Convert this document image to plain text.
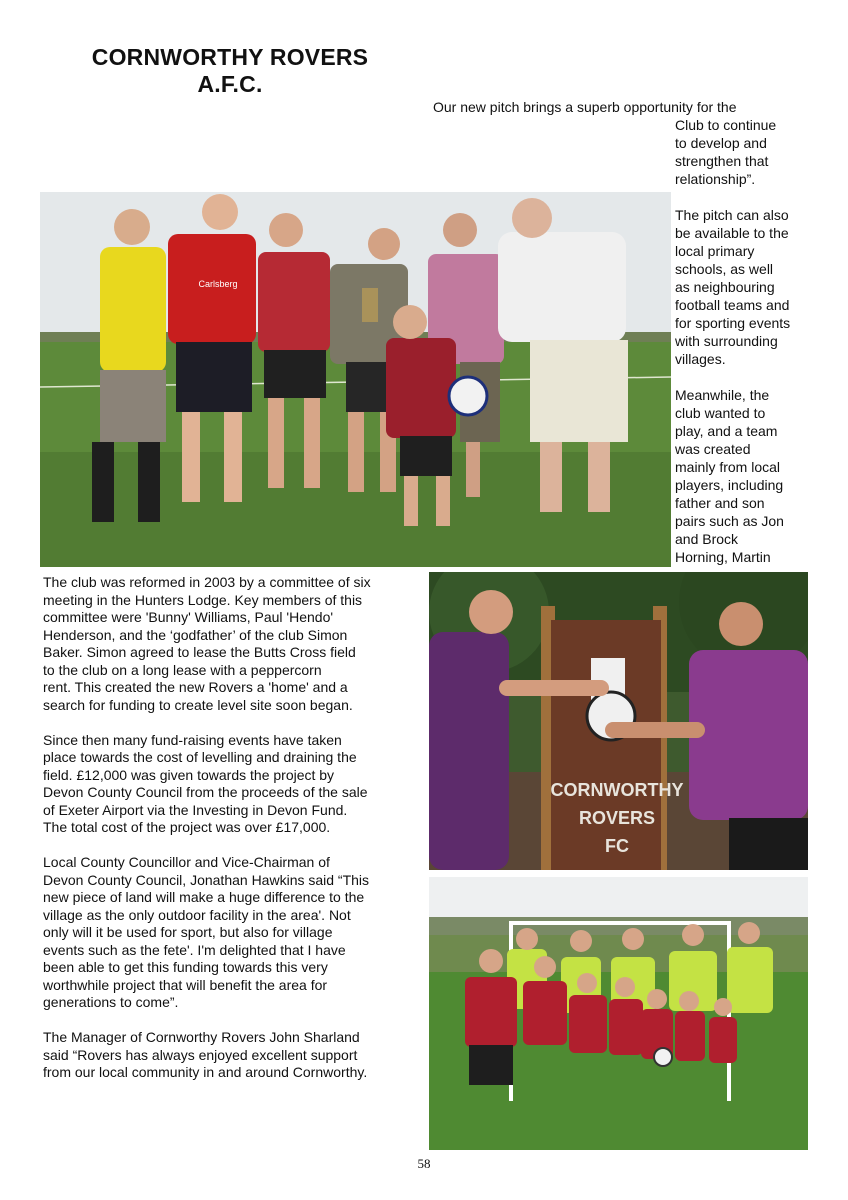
CORNWORTHY ROVERS
A.F.C.
Our new pitch brings a superb opportunity for the

Club to continue
to develop and
strengthen that
relationship”.

The pitch can also
be available to the
local primary
schools, as well
as neighbouring
football teams and
for sporting events
with surrounding
villages.

Meanwhile, the
club wanted to
play, and a team
was created
mainly from local
players, including
father and son
pairs such as Jon
and Brock
Horning, Martin

Carlsberg
CORNWORTHY
ROVERS
FC

The club was reformed in 2003 by a committee of six
meeting in the Hunters Lodge. Key members of this
committee were 'Bunny' Williams, Paul 'Hendo'
Henderson, and the ‘godfather’ of the club Simon
Baker. Simon agreed to lease the Butts Cross field
to the club on a long lease with a peppercorn
rent. This created the new Rovers a 'home' and a
search for funding to create level site soon began.

Since then many fund-raising events have taken
place towards the cost of levelling and draining the
field. £12,000 was given towards the project by
Devon County Council from the proceeds of the sale
of Exeter Airport via the Investing in Devon Fund.
The total cost of the project was over £17,000.

Local County Councillor and Vice-Chairman of
Devon County Council, Jonathan Hawkins said “This
new piece of land will make a huge difference to the
village as the only outdoor facility in the area'. Not
only will it be used for sport, but also for village
events such as the fete'. I'm delighted that I have
been able to get this funding towards this very
worthwhile project that will benefit the area for
generations to come”.

The Manager of Cornworthy Rovers John Sharland
said “Rovers has always enjoyed excellent support
from our local community in and around Cornworthy.

58
